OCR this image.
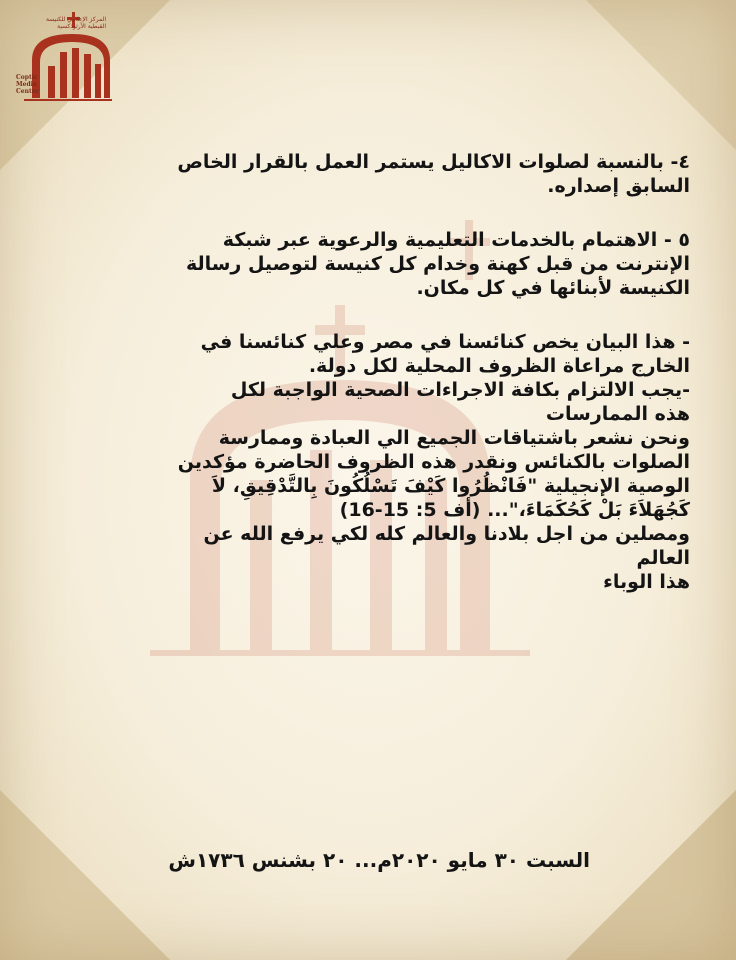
المركز الإعلامي للكنيسة القبطية الأرثوذكسية
Coptic
Media
Center

٤- بالنسبة لصلوات الاكاليل يستمر العمل بالقرار الخاص

السابق إصداره.

٥ - الاهتمام بالخدمات التعليمية والرعوية عبر شبكة

الإنترنت من قبل كهنة وخدام كل كنيسة لتوصيل رسالة

الكنيسة لأبنائها في كل مكان.

- هذا البيان يخص كنائسنا في مصر وعلي كنائسنا في

الخارج مراعاة الظروف المحلية لكل دولة.

-يجب الالتزام بكافة الاجراءات الصحية الواجبة لكل

هذه الممارسات

ونحن نشعر باشتياقات الجميع الي العبادة وممارسة

الصلوات بالكنائس ونقدر هذه الظروف الحاضرة مؤكدين

الوصية الإنجيلية "فَانْظُرُوا كَيْفَ تَسْلُكُونَ بِالتَّدْقِيقِ، لاَ

كَجُهَلاَءَ بَلْ كَحُكَمَاءَ،"... (أف 5: 15-16)

ومصلين من اجل بلادنا والعالم كله لكي يرفع الله عن العالم

هذا الوباء

السبت ٣٠ مايو ٢٠٢٠م... ٢٠ بشنس ١٧٣٦ش
